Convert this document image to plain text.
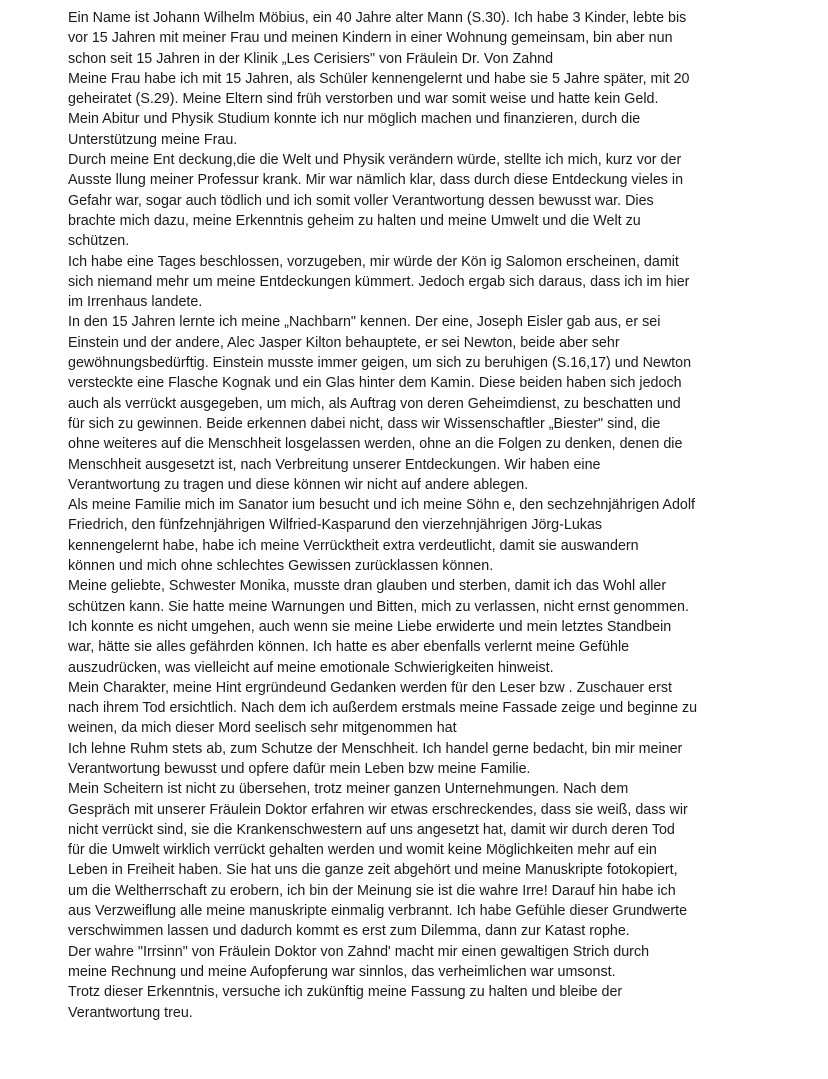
Ein Name ist Johann Wilhelm Möbius, ein 40 Jahre alter Mann (S.30). Ich habe 3 Kinder, lebte bis
vor 15 Jahren mit meiner Frau und meinen Kindern in einer Wohnung gemeinsam, bin aber nun
schon seit 15 Jahren in der Klinik „Les Cerisiers" von Fräulein Dr. Von Zahnd
Meine Frau habe ich mit 15 Jahren, als Schüler kennengelernt und habe sie 5 Jahre später, mit 20
geheiratet (S.29). Meine Eltern sind früh verstorben und war somit weise und hatte kein Geld.
Mein Abitur und Physik Studium konnte ich nur möglich machen und finanzieren, durch die
Unterstützung meine Frau.
Durch meine Ent deckung,die die Welt und Physik verändern würde, stellte ich mich, kurz vor der
Ausste llung meiner Professur krank. Mir war nämlich klar, dass durch diese Entdeckung vieles in
Gefahr war, sogar auch tödlich und ich somit voller Verantwortung dessen bewusst war. Dies
brachte mich dazu, meine Erkenntnis geheim zu halten und meine Umwelt und die Welt zu
schützen.
Ich habe eine Tages beschlossen, vorzugeben, mir würde der Kön ig Salomon erscheinen, damit
sich niemand mehr um meine Entdeckungen kümmert. Jedoch ergab sich daraus, dass ich im hier
im Irrenhaus landete.
In den 15 Jahren lernte ich meine „Nachbarn" kennen. Der eine, Joseph Eisler gab aus, er sei
Einstein und der andere, Alec Jasper Kilton behauptete, er sei Newton, beide aber sehr
gewöhnungsbedürftig. Einstein musste immer geigen, um sich zu beruhigen (S.16,17) und Newton
versteckte eine Flasche Kognak und ein Glas hinter dem Kamin. Diese beiden haben sich jedoch
auch als verrückt ausgegeben, um mich, als Auftrag von deren Geheimdienst, zu beschatten und
für sich zu gewinnen. Beide erkennen dabei nicht, dass wir Wissenschaftler „Biester" sind, die
ohne weiteres auf die Menschheit losgelassen werden, ohne an die Folgen zu denken, denen die
Menschheit ausgesetzt ist, nach Verbreitung unserer Entdeckungen. Wir haben eine
Verantwortung zu tragen und diese können wir nicht auf andere ablegen.
Als meine Familie mich im Sanator ium besucht und ich meine Söhn e, den sechzehnjährigen Adolf
Friedrich, den fünfzehnjährigen Wilfried-Kasparund den vierzehnjährigen Jörg-Lukas
kennengelernt habe, habe ich meine Verrücktheit extra verdeutlicht, damit sie auswandern
können und mich ohne schlechtes Gewissen zurücklassen können.
Meine geliebte, Schwester Monika, musste dran glauben und sterben, damit ich das Wohl aller
schützen kann. Sie hatte meine Warnungen und Bitten, mich zu verlassen, nicht ernst genommen.
Ich konnte es nicht umgehen, auch wenn sie meine Liebe erwiderte und mein letztes Standbein
war, hätte sie alles gefährden können. Ich hatte es aber ebenfalls verlernt meine Gefühle
auszudrücken, was vielleicht auf meine emotionale Schwierigkeiten hinweist.
Mein Charakter, meine Hint ergründeund Gedanken werden für den Leser bzw . Zuschauer erst
nach ihrem Tod ersichtlich. Nach dem ich außerdem erstmals meine Fassade zeige und beginne zu
weinen, da mich dieser Mord seelisch sehr mitgenommen hat
Ich lehne Ruhm stets ab, zum Schutze der Menschheit. Ich handel gerne bedacht, bin mir meiner
Verantwortung bewusst und opfere dafür mein Leben bzw meine Familie.
Mein Scheitern ist nicht zu übersehen, trotz meiner ganzen Unternehmungen. Nach dem
Gespräch mit unserer Fräulein Doktor erfahren wir etwas erschreckendes, dass sie weiß, dass wir
nicht verrückt sind, sie die Krankenschwestern auf uns angesetzt hat, damit wir durch deren Tod
für die Umwelt wirklich verrückt gehalten werden und womit keine Möglichkeiten mehr auf ein
Leben in Freiheit haben. Sie hat uns die ganze zeit abgehört und meine Manuskripte fotokopiert,
um die Weltherrschaft zu erobern, ich bin der Meinung sie ist die wahre Irre! Darauf hin habe ich
aus Verzweiflung alle meine manuskripte einmalig verbrannt. Ich habe Gefühle dieser Grundwerte
verschwimmen lassen und dadurch kommt es erst zum Dilemma, dann zur Katast rophe.
Der wahre "Irrsinn" von Fräulein Doktor von Zahnd' macht mir einen gewaltigen Strich durch
meine Rechnung und meine Aufopferung war sinnlos, das verheimlichen war umsonst.
Trotz dieser Erkenntnis, versuche ich zukünftig meine Fassung zu halten und bleibe der
Verantwortung treu.
